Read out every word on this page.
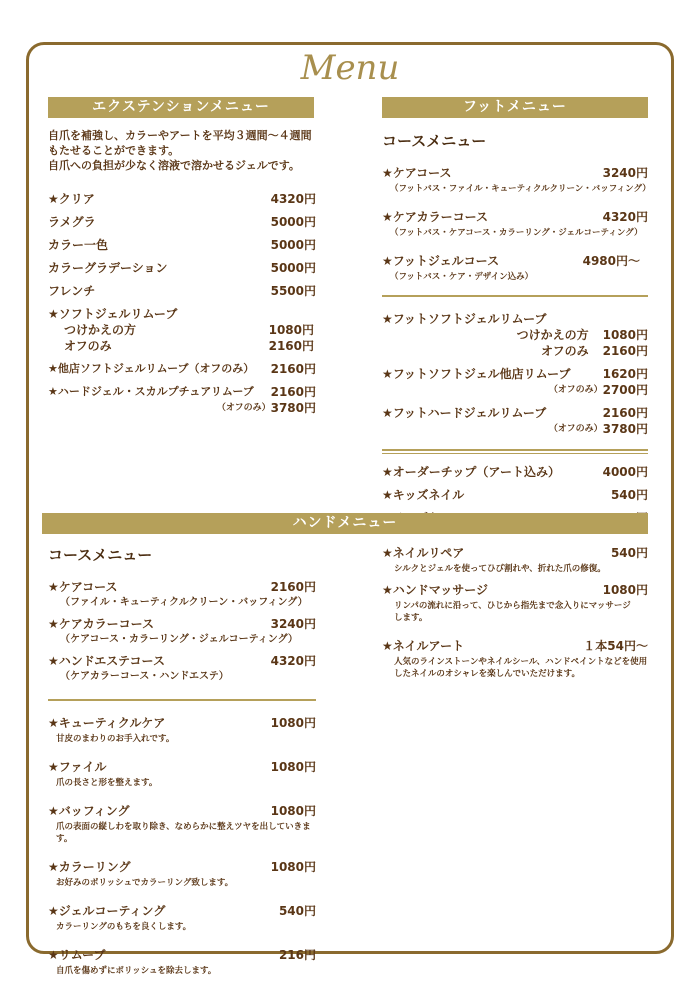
Menu
エクステンションメニュー	フットメニュー
自爪を補強し、カラーやアートを平均３週間〜４週間
もたせることができます。
自爪への負担が少なく溶液で溶かせるジェルです。
★クリア	4320円
ラメグラ	5000円
カラー一色	5000円
カラーグラデーション	5000円
フレンチ	5500円
★ソフトジェルリムーブ
つけかえの方	1080円
オフのみ	2160円
★他店ソフトジェルリムーブ（オフのみ） 2160円
★ハードジェル・スカルプチュアリムーブ 2160円
（オフのみ） 3780円
コースメニュー
★ケアコース	3240円
（フットバス・ファイル・キューティクルクリーン・バッフィング）
★ケアカラーコース	4320円
（フットバス・ケアコース・カラーリング・ジェルコーティング）
★フットジェルコース	4980円〜
（フットバス・ケア・デザイン込み）
★フットソフトジェルリムーブ
つけかえの方 1080円
オフのみ 2160円
★フットソフトジェル他店リムーブ	1620円
（オフのみ） 2700円
★フットハードジェルリムーブ	2160円
（オフのみ） 3780円
★オーダーチップ（アート込み）	4000円
★キッズネイル	540円
ハンドメニュー
コースメニュー
★ケアコース	2160円
（ファイル・キューティクルクリーン・バッフィング）
★ケアカラーコース	3240円
（ケアコース・カラーリング・ジェルコーティング）
★ハンドエステコース	4320円
（ケアカラーコース・ハンドエステ）
★キューティクルケア	1080円
甘皮のまわりのお手入れです。
★ファイル	1080円
爪の長さと形を整えます。
★バッフィング	1080円
爪の表面の縦しわを取り除き、なめらかに整えツヤを出していきます。
★カラーリング	1080円
お好みのポリッシュでカラーリング致します。
★ジェルコーティング	540円
カラーリングのもちを良くします。
★リムーブ	216円
自爪を傷めずにポリッシュを除去します。
★ネイルリペア	540円
シルクとジェルを使ってひび割れや、折れた爪の修復。
★ハンドマッサージ	1080円
リンパの流れに沿って、ひじから指先まで念入りにマッサージします。
★ネイルアート	１本54円〜
人気のラインストーンやネイルシール、ハンドペイントなどを使用したネイルのオシャレを楽しんでいただけます。
